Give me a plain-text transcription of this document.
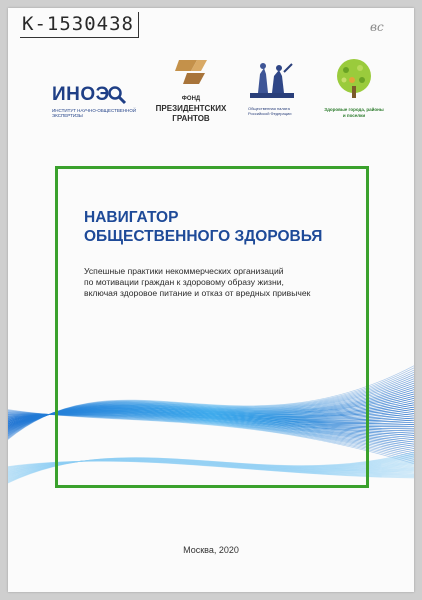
К-1530438	вс
ИНОЭ
ИНСТИТУТ НАУЧНО-ОБЩЕСТВЕННОЙ ЭКСПЕРТИЗЫ
ФОНД
ПРЕЗИДЕНТСКИХ
ГРАНТОВ
Общественная палата Российской Федерации
Здоровые города, районы и поселки
НАВИГАТОР
ОБЩЕСТВЕННОГО ЗДОРОВЬЯ
Успешные практики некоммерческих организаций
по мотивации граждан к здоровому образу жизни,
включая здоровое питание и отказ от вредных привычек
Москва, 2020
